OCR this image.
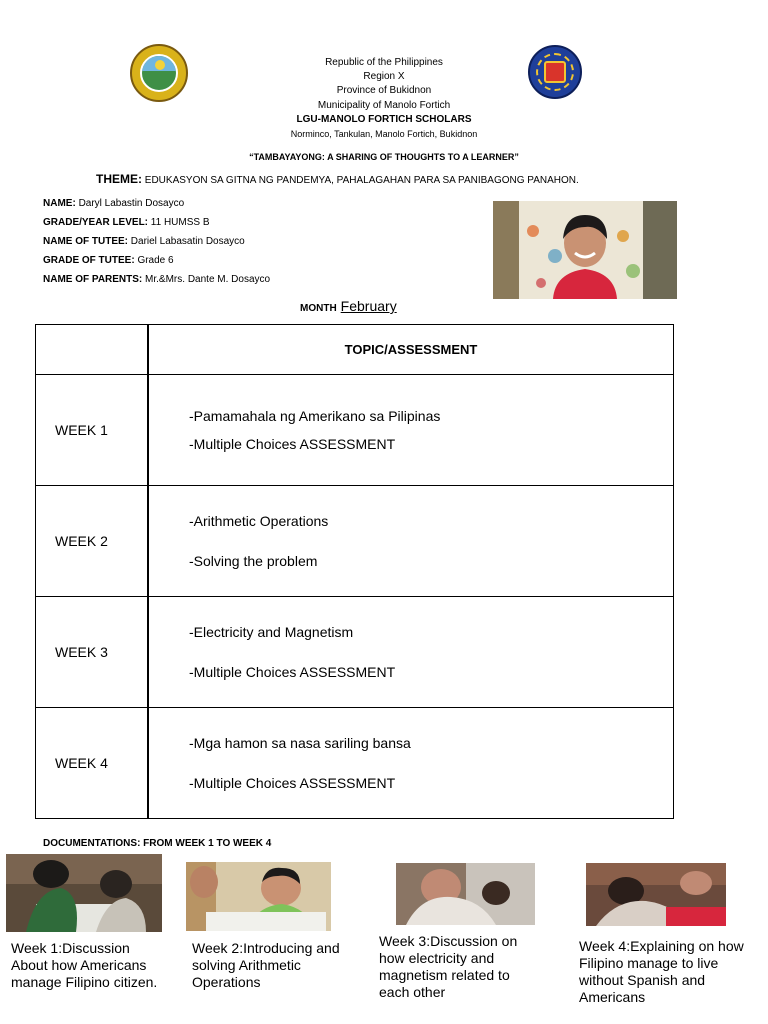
Republic of the Philippines
Region X
Province of Bukidnon
Municipality of Manolo Fortich
LGU-MANOLO FORTICH SCHOLARS
Norminco, Tankulan, Manolo Fortich, Bukidnon
“TAMBAYAYONG: A SHARING OF THOUGHTS TO A LEARNER”
THEME: EDUKASYON SA GITNA NG PANDEMYA, PAHALAGAHAN PARA SA PANIBAGONG PANAHON.
NAME: Daryl Labastin Dosayco
GRADE/YEAR LEVEL: 11 HUMSS B
NAME OF TUTEE: Dariel Labasatin Dosayco
GRADE OF TUTEE: Grade 6
NAME OF PARENTS: Mr.&Mrs. Dante M. Dosayco
MONTH February
	TOPIC/ASSESSMENT
WEEK 1	-Pamamahala ng Amerikano sa Pilipinas
-Multiple Choices ASSESSMENT

WEEK 2	-Arithmetic Operations
-Solving the problem

WEEK 3	-Electricity and Magnetism
-Multiple Choices ASSESSMENT

WEEK 4	-Mga hamon sa nasa sariling bansa
-Multiple Choices ASSESSMENT
DOCUMENTATIONS: FROM WEEK 1 TO WEEK 4
Week 1:Discussion About how Americans manage Filipino citizen.
Week 2:Introducing and solving Arithmetic Operations
Week 3:Discussion on how electricity and magnetism related to each other
Week 4:Explaining on how Filipino manage to live without Spanish and Americans
